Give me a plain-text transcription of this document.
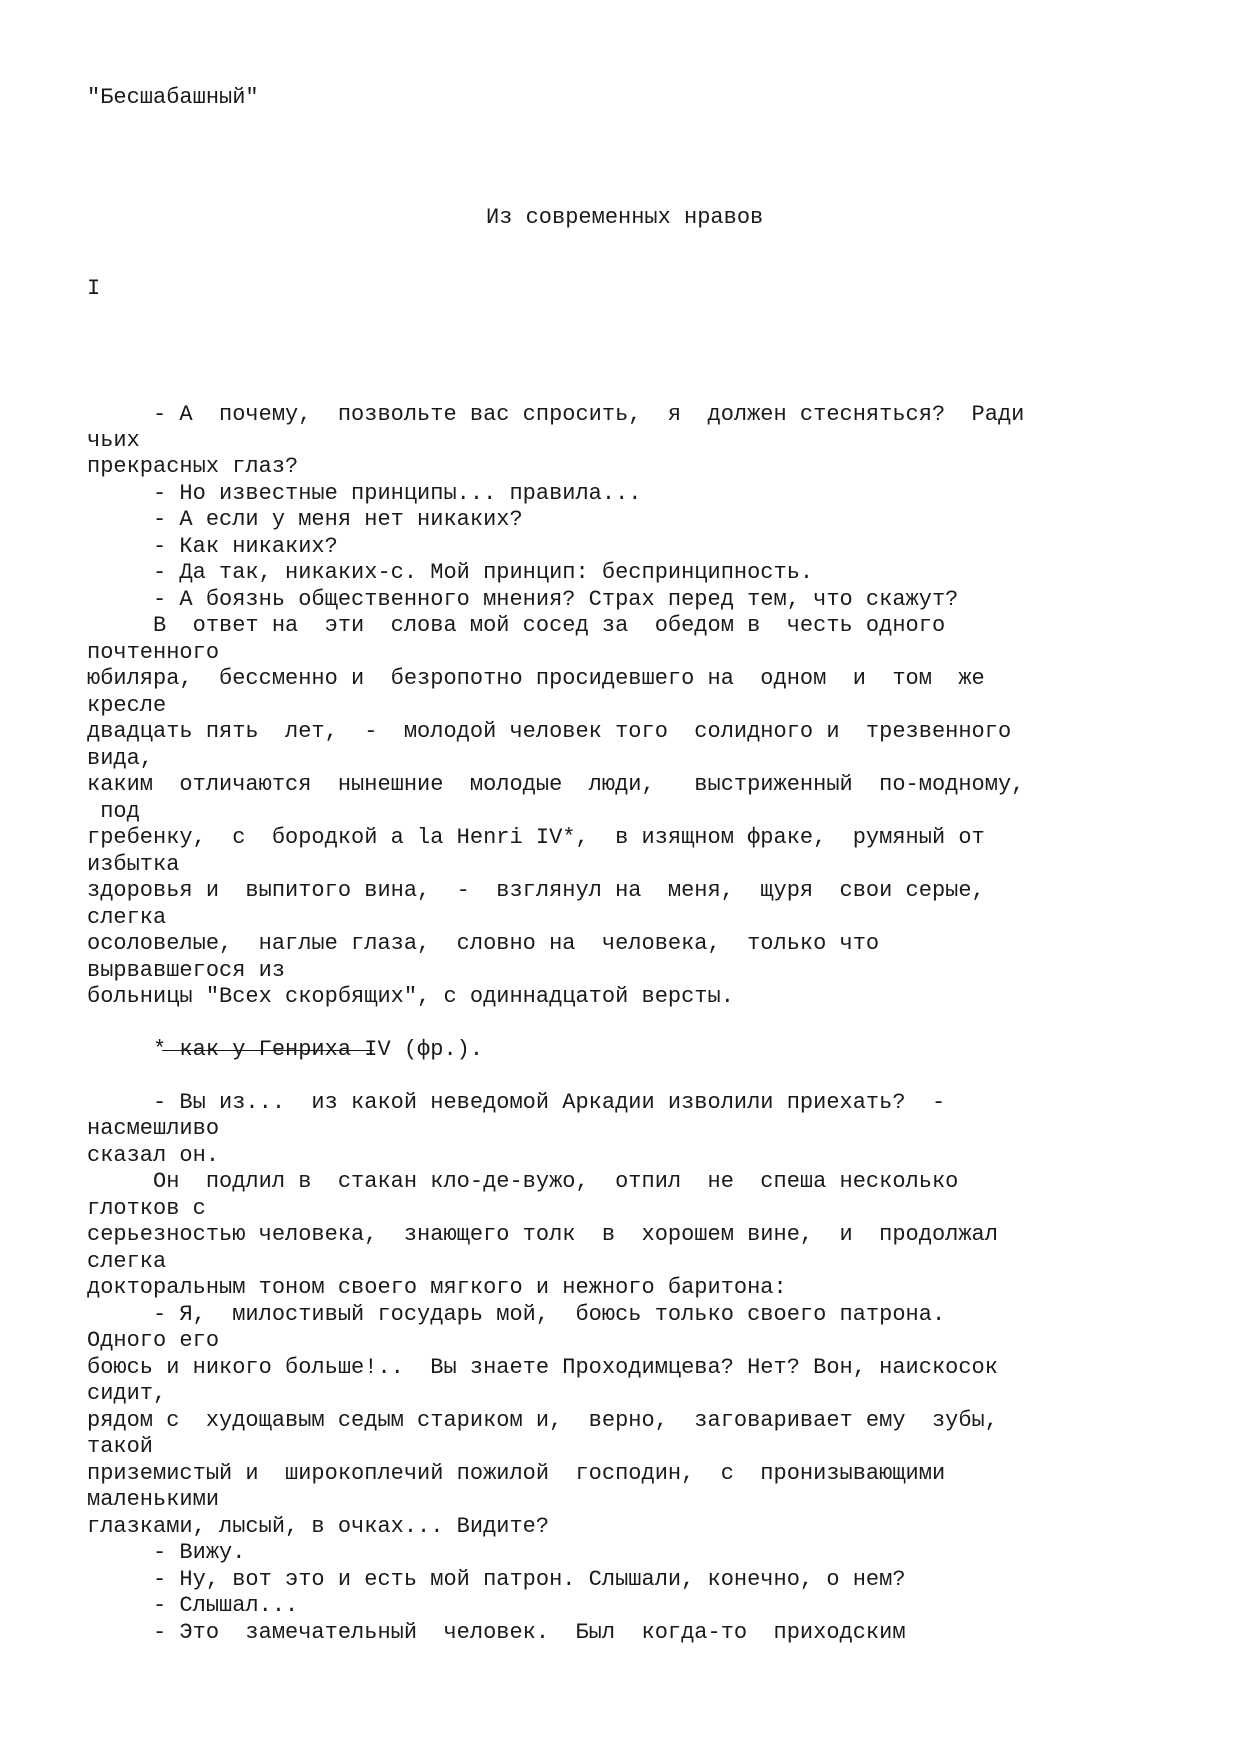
"Бесшабашный"

Из современных нравов

I

- А  почему,  позвольте вас спросить,  я  должен стесняться?  Ради

чьих

прекрасных глаз?

- Но известные принципы... правила...

- А если у меня нет никаких?

- Как никаких?

- Да так, никаких-с. Мой принцип: беспринципность.

- А боязнь общественного мнения? Страх перед тем, что скажут?

В  ответ на  эти  слова мой сосед за  обедом в  честь одного

почтенного

юбиляра,  бессменно и  безропотно просидевшего на  одном  и  том  же

кресле

двадцать пять  лет,  -  молодой человек того  солидного и  трезвенного

вида,

каким  отличаются  нынешние  молодые  люди,   выстриженный  по-модному,

под

гребенку,  с  бородкой a la Henri IV*,  в изящном фраке,  румяный от

избытка

здоровья и  выпитого вина,  -  взглянул на  меня,  щуря  свои серые,

слегка

осоловелые,  наглые глаза,  словно на  человека,  только что

вырвавшегося из

больницы "Всех скорбящих", с одиннадцатой версты.

* как у Генриха IV (фр.).

- Вы из...  из какой неведомой Аркадии изволили приехать?  -

насмешливо

сказал он.

Он  подлил в  стакан кло-де-вужо,  отпил  не  спеша несколько

глотков с

серьезностью человека,  знающего толк  в  хорошем вине,  и  продолжал

слегка

докторальным тоном своего мягкого и нежного баритона:

- Я,  милостивый государь мой,  боюсь только своего патрона.

Одного его

боюсь и никого больше!..  Вы знаете Проходимцева? Нет? Вон, наискосок

сидит,

рядом с  худощавым седым стариком и,  верно,  заговаривает ему  зубы,

такой

приземистый и  широкоплечий пожилой  господин,  с  пронизывающими

маленькими

глазками, лысый, в очках... Видите?

- Вижу.

- Ну, вот это и есть мой патрон. Слышали, конечно, о нем?

- Слышал...

- Это  замечательный  человек.  Был  когда-то  приходским
